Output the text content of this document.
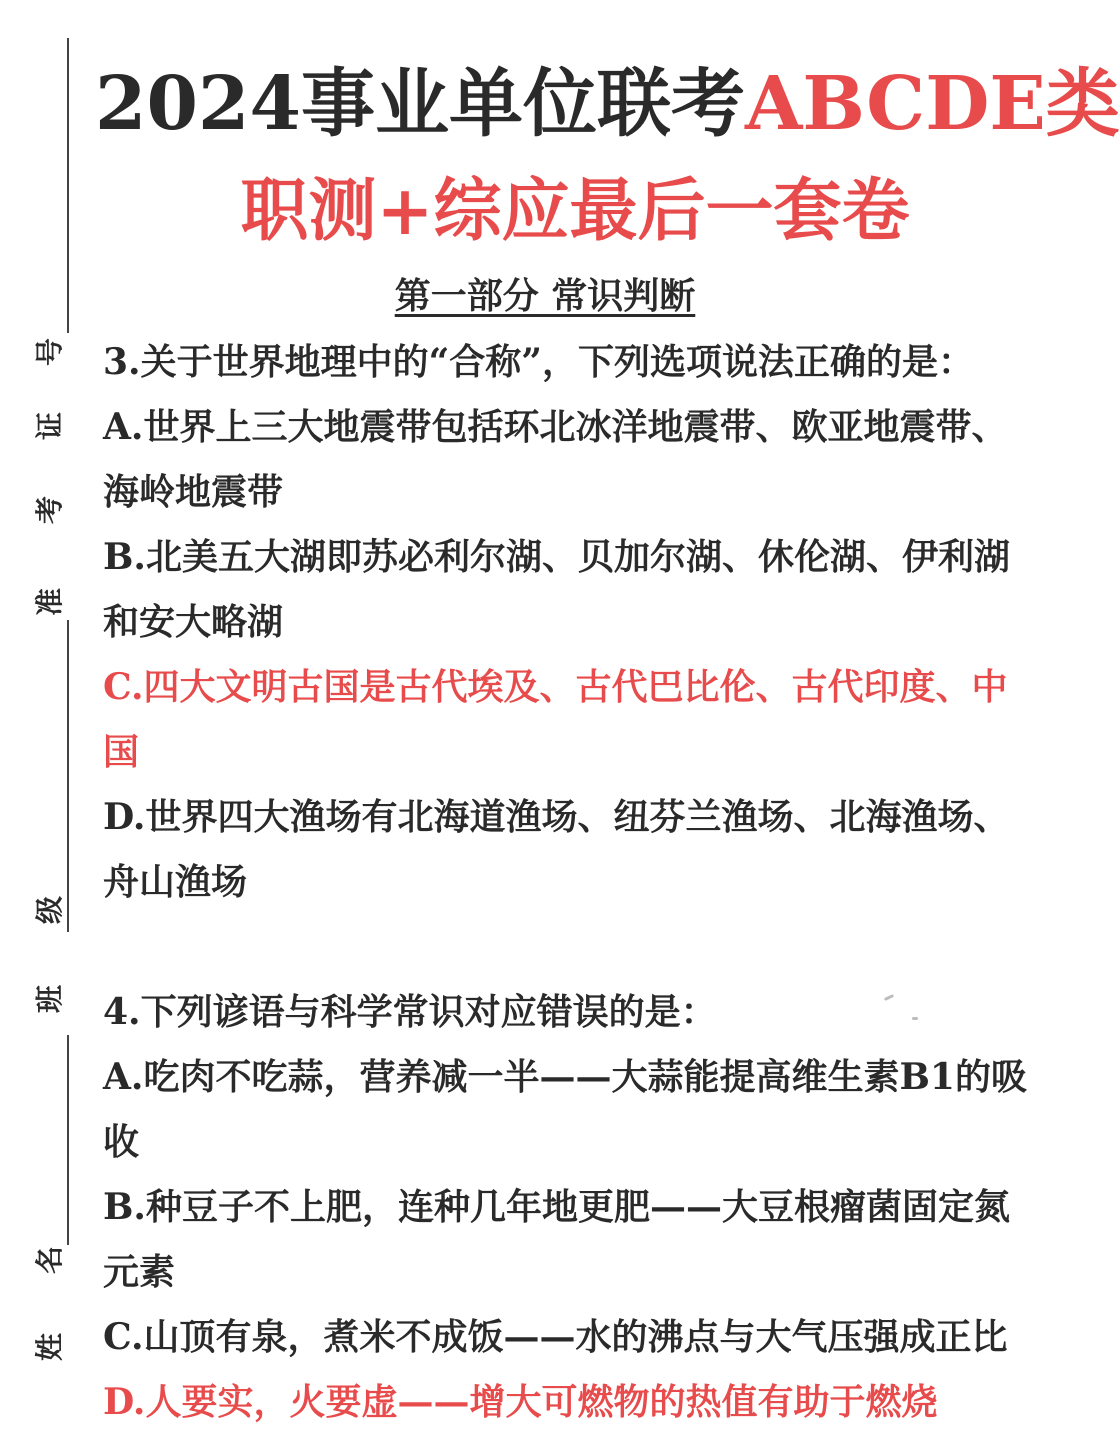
号
证
考
准
级
班
名
姓
2024事业单位联考ABCDE类
职测+综应最后一套卷
第一部分 常识判断

3.关于世界地理中的“合称”，下列选项说法正确的是：

A.世界上三大地震带包括环北冰洋地震带、欧亚地震带、海岭地震带

B.北美五大湖即苏必利尔湖、贝加尔湖、休伦湖、伊利湖和安大略湖

C.四大文明古国是古代埃及、古代巴比伦、古代印度、中国

D.世界四大渔场有北海道渔场、纽芬兰渔场、北海渔场、舟山渔场

4.下列谚语与科学常识对应错误的是：

A.吃肉不吃蒜，营养减一半——大蒜能提高维生素B1的吸收

B.种豆子不上肥，连种几年地更肥——大豆根瘤菌固定氮元素

C.山顶有泉，煮米不成饭——水的沸点与大气压强成正比

D.人要实，火要虚——增大可燃物的热值有助于燃烧
